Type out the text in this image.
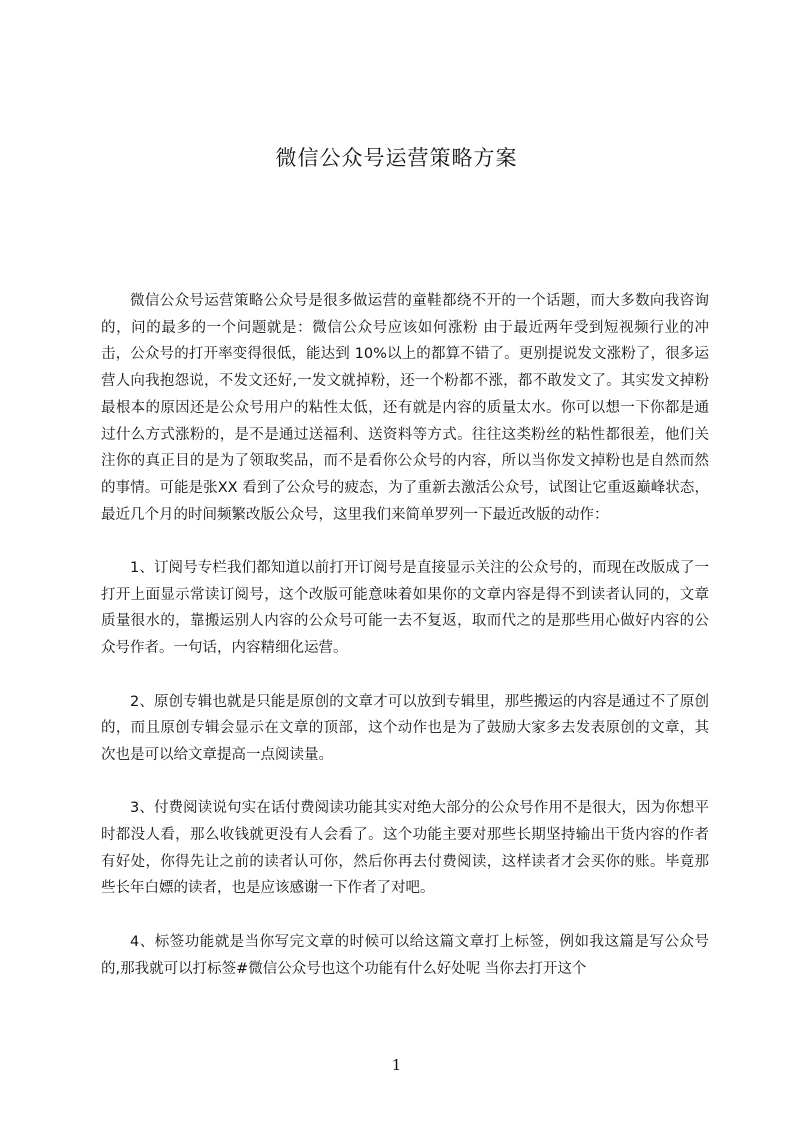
微信公众号运营策略方案

微信公众号运营策略公众号是很多做运营的童鞋都绕不开的一个话题，而大多数向我咨询的，问的最多的一个问题就是：微信公众号应该如何涨粉 由于最近两年受到短视频行业的冲击，公众号的打开率变得很低，能达到 10%以上的都算不错了。更别提说发文涨粉了，很多运营人向我抱怨说，不发文还好,一发文就掉粉，还一个粉都不涨，都不敢发文了。其实发文掉粉最根本的原因还是公众号用户的粘性太低，还有就是内容的质量太水。你可以想一下你都是通过什么方式涨粉的，是不是通过送福利、送资料等方式。往往这类粉丝的粘性都很差，他们关注你的真正目的是为了领取奖品，而不是看你公众号的内容，所以当你发文掉粉也是自然而然的事情。可能是张XX 看到了公众号的疲态，为了重新去激活公众号，试图让它重返巅峰状态，最近几个月的时间频繁改版公众号，这里我们来简单罗列一下最近改版的动作：

1、订阅号专栏我们都知道以前打开订阅号是直接显示关注的公众号的，而现在改版成了一打开上面显示常读订阅号，这个改版可能意味着如果你的文章内容是得不到读者认同的，文章质量很水的，靠搬运别人内容的公众号可能一去不复返，取而代之的是那些用心做好内容的公众号作者。一句话，内容精细化运营。

2、原创专辑也就是只能是原创的文章才可以放到专辑里，那些搬运的内容是通过不了原创的，而且原创专辑会显示在文章的顶部，这个动作也是为了鼓励大家多去发表原创的文章，其次也是可以给文章提高一点阅读量。

3、付费阅读说句实在话付费阅读功能其实对绝大部分的公众号作用不是很大，因为你想平时都没人看，那么收钱就更没有人会看了。这个功能主要对那些长期坚持输出干货内容的作者有好处，你得先让之前的读者认可你，然后你再去付费阅读，这样读者才会买你的账。毕竟那些长年白嫖的读者，也是应该感谢一下作者了对吧。

4、标签功能就是当你写完文章的时候可以给这篇文章打上标签，例如我这篇是写公众号的,那我就可以打标签#微信公众号也这个功能有什么好处呢 当你去打开这个

1
